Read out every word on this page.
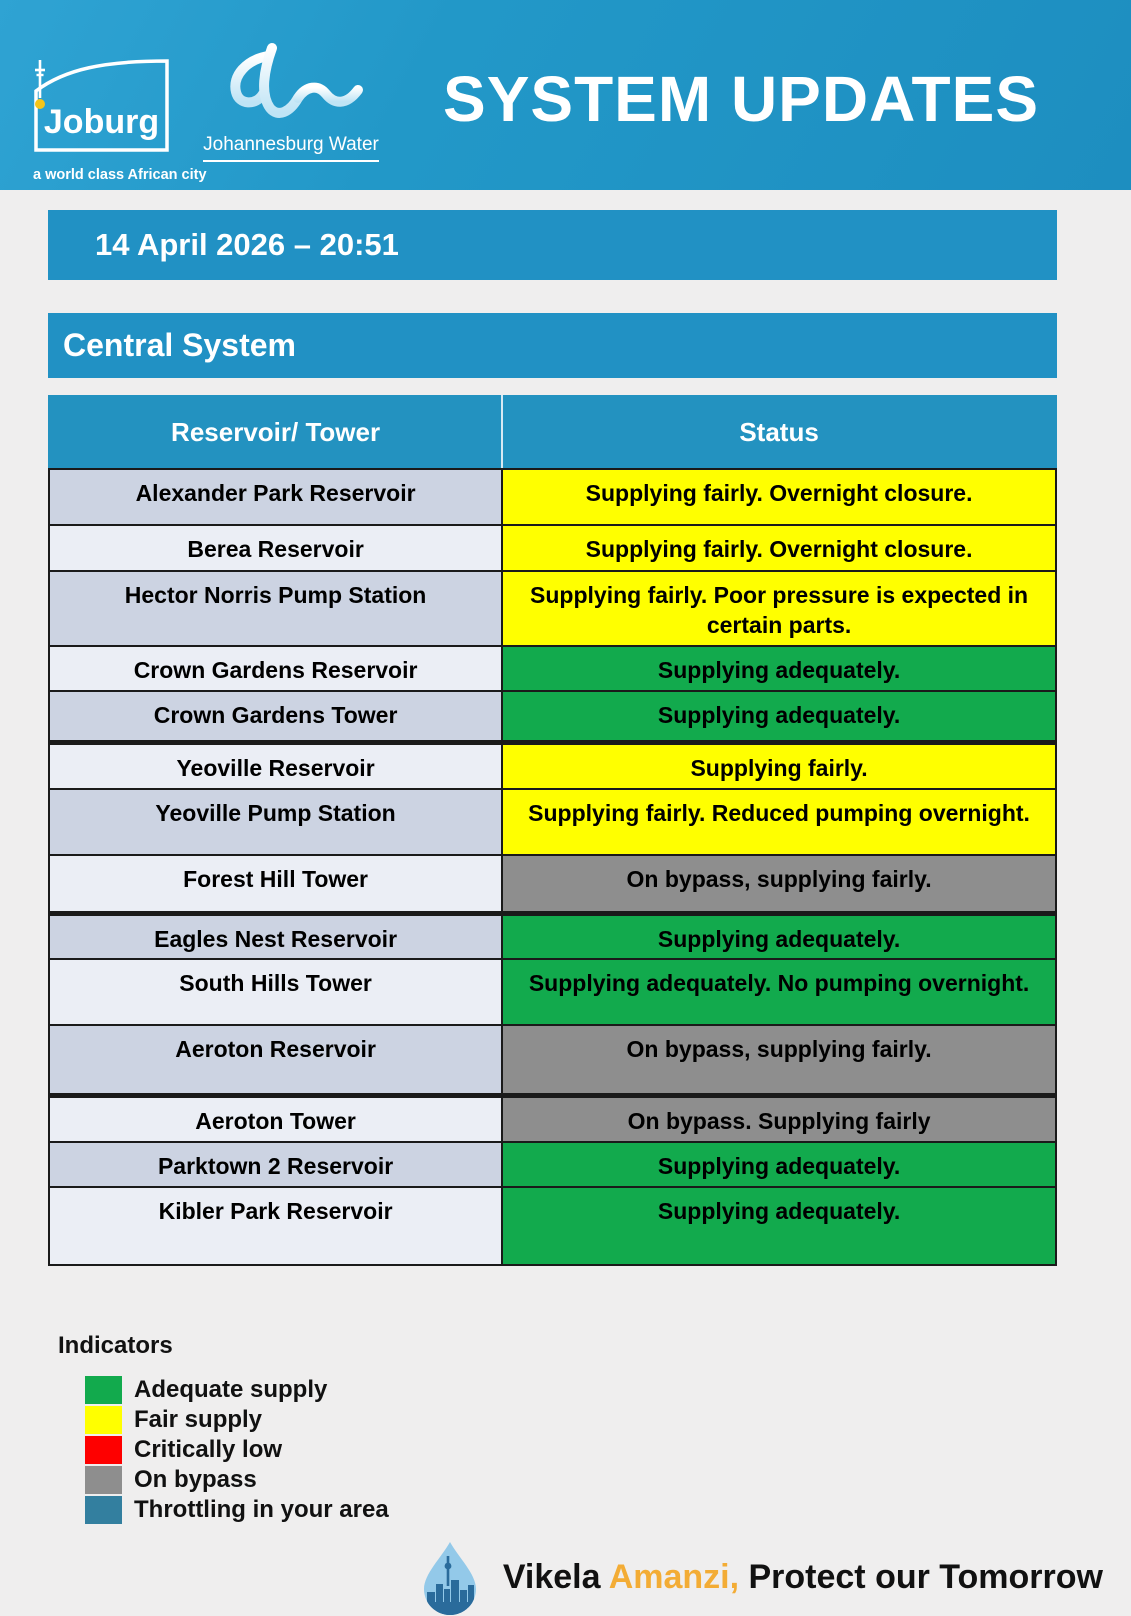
Joburg
a world class African city
Johannesburg Water
SYSTEM UPDATES
14 April 2026 – 20:51
Central System
Reservoir/ Tower	Status
Alexander Park Reservoir	Supplying fairly. Overnight closure.
Berea Reservoir	Supplying fairly. Overnight closure.
Hector Norris Pump Station	Supplying fairly. Poor pressure is expected in certain parts.
Crown Gardens Reservoir	Supplying adequately.
Crown Gardens Tower	Supplying adequately.
Yeoville Reservoir	Supplying fairly.
Yeoville Pump Station	Supplying fairly. Reduced pumping overnight.
Forest Hill Tower	On bypass, supplying fairly.
Eagles Nest Reservoir	Supplying adequately.
South Hills Tower	Supplying adequately. No pumping overnight.
Aeroton Reservoir	On bypass, supplying fairly.
Aeroton Tower	On bypass. Supplying fairly
Parktown 2 Reservoir	Supplying adequately.
Kibler Park Reservoir	Supplying adequately.
Indicators
Adequate supply
Fair supply
Critically low
On bypass
Throttling in your area
Vikela Amanzi, Protect our Tomorrow
